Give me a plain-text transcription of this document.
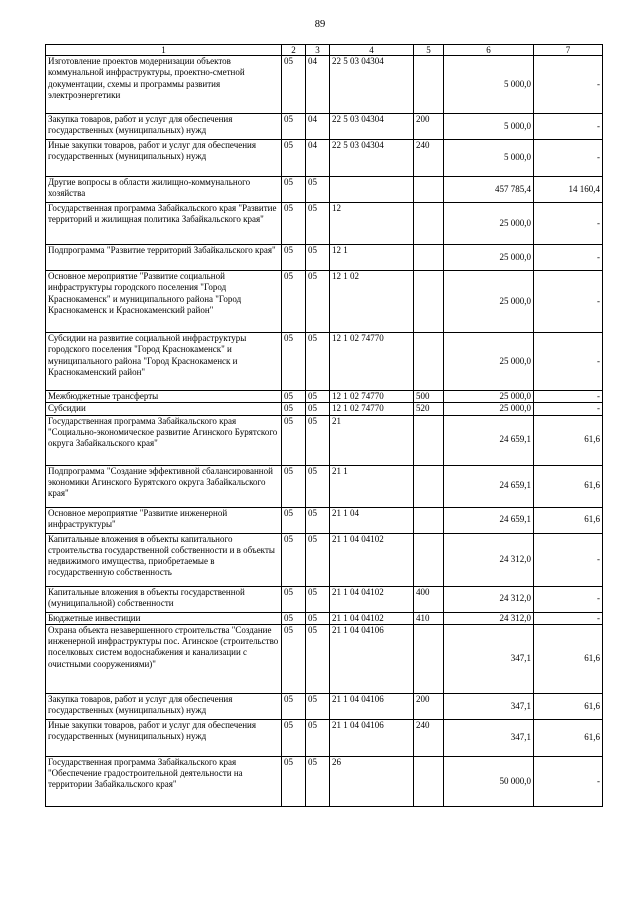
89
1	2	3	4	5	6	7
Изготовление проектов модернизации объектов коммунальной инфраструктуры, проектно-сметной документации, схемы и программы развития электроэнергетики	05	04	22 5 03 04304		5 000,0	-
Закупка товаров, работ и услуг для обеспечения государственных (муниципальных) нужд	05	04	22 5 03 04304	200	5 000,0	-
Иные закупки товаров, работ и услуг для обеспечения государственных (муниципальных) нужд	05	04	22 5 03 04304	240	5 000,0	-
Другие вопросы в области жилищно-коммунального хозяйства	05	05			457 785,4	14 160,4
Государственная программа Забайкальского края "Развитие территорий и жилищная политика Забайкальского края"	05	05	12		25 000,0	-
Подпрограмма "Развитие территорий Забайкальского края"	05	05	12 1		25 000,0	-
Основное мероприятие "Развитие социальной инфраструктуры городского поселения "Город Краснокаменск" и муниципального района "Город Краснокаменск и Краснокаменский район"	05	05	12 1 02		25 000,0	-
Субсидии на развитие социальной инфраструктуры городского поселения "Город Краснокаменск" и муниципального района "Город Краснокаменск и Краснокаменский район"	05	05	12 1 02 74770		25 000,0	-
Межбюджетные трансферты	05	05	12 1 02 74770	500	25 000,0	-
Субсидии	05	05	12 1 02 74770	520	25 000,0	-
Государственная программа Забайкальского края "Социально-экономическое развитие Агинского Бурятского округа Забайкальского края"	05	05	21		24 659,1	61,6
Подпрограмма "Создание эффективной сбалансированной экономики Агинского Бурятского округа Забайкальского края"	05	05	21 1		24 659,1	61,6
Основное мероприятие "Развитие инженерной инфраструктуры"	05	05	21 1 04		24 659,1	61,6
Капитальные вложения в объекты капитального строительства государственной собственности и в объекты недвижимого имущества, приобретаемые в государственную собственность	05	05	21 1 04 04102		24 312,0	-
Капитальные вложения в объекты государственной (муниципальной) собственности	05	05	21 1 04 04102	400	24 312,0	-
Бюджетные инвестиции	05	05	21 1 04 04102	410	24 312,0	-
Охрана объекта незавершенного строительства "Создание инженерной инфраструктуры пос. Агинское (строительство поселковых систем водоснабжения и канализации с очистными сооружениями)"	05	05	21 1 04 04106		347,1	61,6
Закупка товаров, работ и услуг для обеспечения государственных (муниципальных) нужд	05	05	21 1 04 04106	200	347,1	61,6
Иные закупки товаров, работ и услуг для обеспечения государственных (муниципальных) нужд	05	05	21 1 04 04106	240	347,1	61,6
Государственная программа Забайкальского края "Обеспечение градостроительной деятельности на территории Забайкальского края"	05	05	26		50 000,0	-
